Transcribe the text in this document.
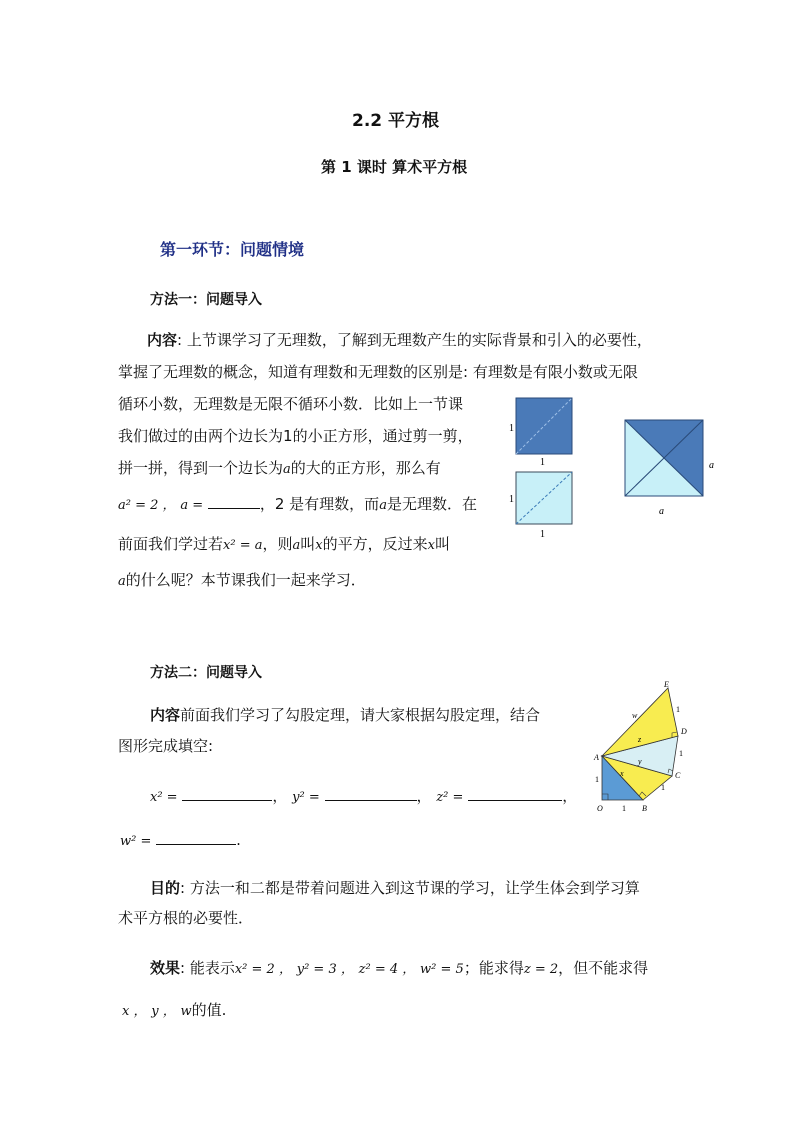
2.2 平方根
第 1 课时 算术平方根
第一环节：问题情境
方法一：问题导入
内容: 上节课学习了无理数，了解到无理数产生的实际背景和引入的必要性，
掌握了无理数的概念，知道有理数和无理数的区别是: 有理数是有限小数或无限
循环小数，无理数是无限不循环小数．比如上一节课
我们做过的由两个边长为1的小正方形，通过剪一剪，
拼一拼，得到一个边长为a的大的正方形，那么有
a² = 2 ， a =	，2 是有理数，而a是无理数．在
前面我们学过若x² = a，则a叫x的平方，反过来x叫
a的什么呢？本节课我们一起来学习．
1
1
1
1
a
a
方法二：问题导入
内容前面我们学习了勾股定理，请大家根据勾股定理，结合
图形完成填空:
x² =	， y² =	， z² =	，
w² =	.
A
O	B
C
D
E
1
1
1
1
1
x
y
z
w
目的: 方法一和二都是带着问题进入到这节课的学习，让学生体会到学习算
术平方根的必要性．
效果: 能表示x² = 2 ， y² = 3 ， z² = 4 ， w² = 5；能求得z = 2，但不能求得
x ， y ， w的值.
